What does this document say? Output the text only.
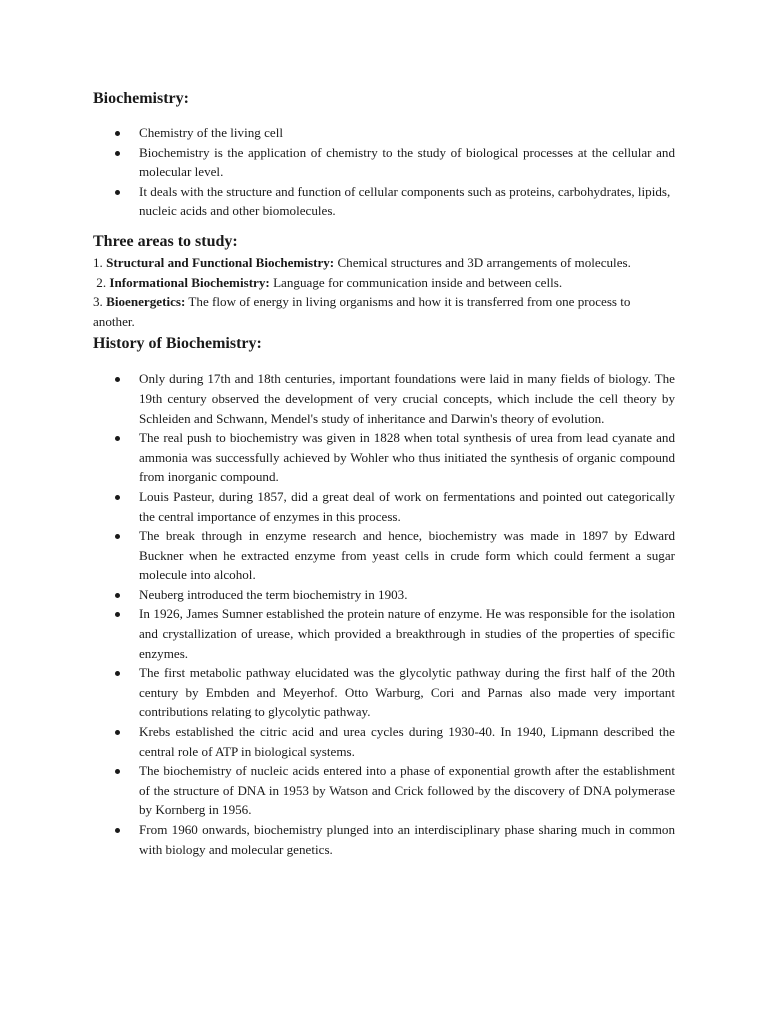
Biochemistry:
Chemistry of the living cell
Biochemistry is the application of chemistry to the study of biological processes at the cellular and molecular level.
It deals with the structure and function of cellular components such as proteins, carbohydrates, lipids, nucleic acids and other biomolecules.
Three areas to study:

1. Structural and Functional Biochemistry: Chemical structures and 3D arrangements of molecules.

2. Informational Biochemistry: Language for communication inside and between cells.

3. Bioenergetics: The flow of energy in living organisms and how it is transferred from one process to another.

History of Biochemistry:
Only during 17th and 18th centuries, important foundations were laid in many fields of biology. The 19th century observed the development of very crucial concepts, which include the cell theory by Schleiden and Schwann, Mendel's study of inheritance and Darwin's theory of evolution.
The real push to biochemistry was given in 1828 when total synthesis of urea from lead cyanate and ammonia was successfully achieved by Wohler who thus initiated the synthesis of organic compound from inorganic compound.
Louis Pasteur, during 1857, did a great deal of work on fermentations and pointed out categorically the central importance of enzymes in this process.
The break through in enzyme research and hence, biochemistry was made in 1897 by Edward Buckner when he extracted enzyme from yeast cells in crude form which could ferment a sugar molecule into alcohol.
Neuberg introduced the term biochemistry in 1903.
In 1926, James Sumner established the protein nature of enzyme. He was responsible for the isolation and crystallization of urease, which provided a breakthrough in studies of the properties of specific enzymes.
The first metabolic pathway elucidated was the glycolytic pathway during the first half of the 20th century by Embden and Meyerhof. Otto Warburg, Cori and Parnas also made very important contributions relating to glycolytic pathway.
Krebs established the citric acid and urea cycles during 1930-40. In 1940, Lipmann described the central role of ATP in biological systems.
The biochemistry of nucleic acids entered into a phase of exponential growth after the establishment of the structure of DNA in 1953 by Watson and Crick followed by the discovery of DNA polymerase by Kornberg in 1956.
From 1960 onwards, biochemistry plunged into an interdisciplinary phase sharing much in common with biology and molecular genetics.
